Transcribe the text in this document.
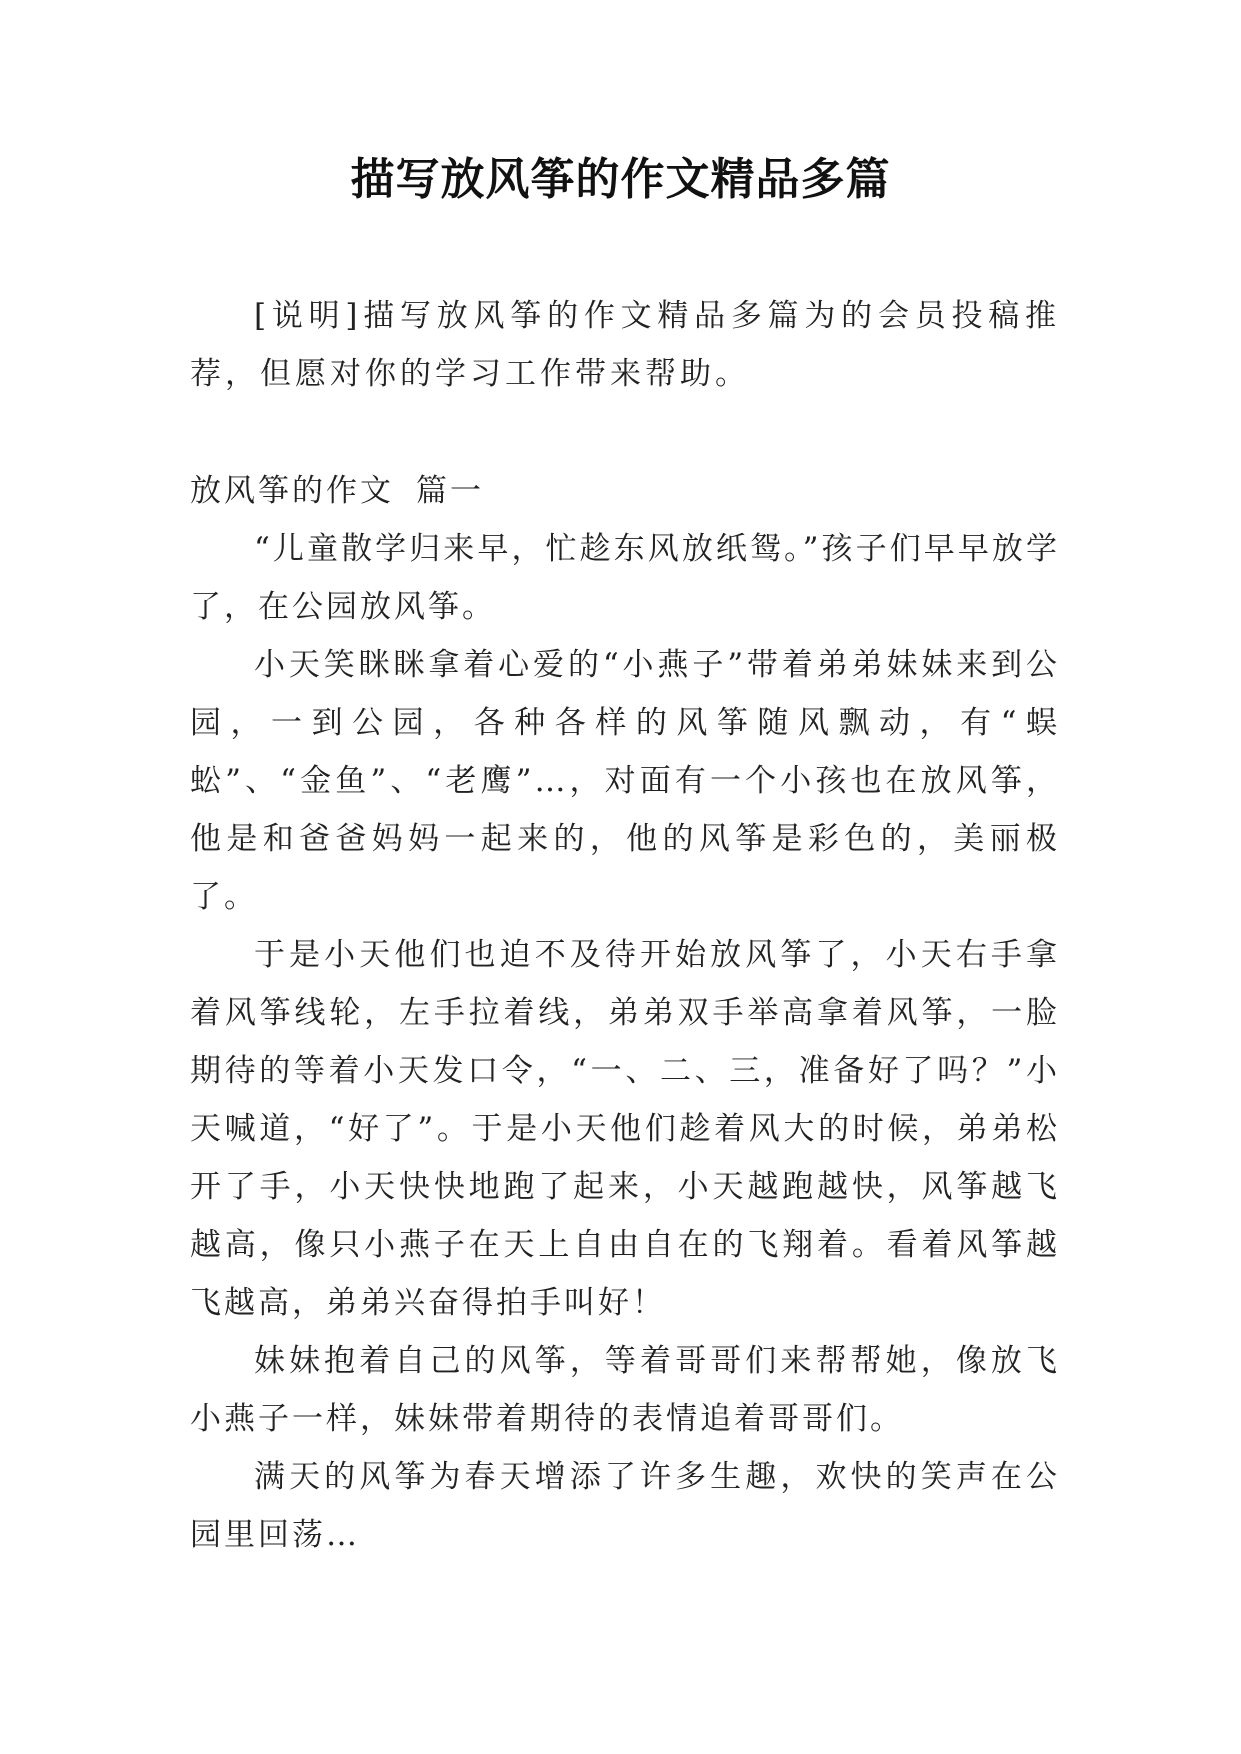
描写放风筝的作文精品多篇

[说明]描写放风筝的作文精品多篇为的会员投稿推荐，但愿对你的学习工作带来帮助。

放风筝的作文 篇一

“儿童散学归来早，忙趁东风放纸鸳。”孩子们早早放学了，在公园放风筝。

小天笑眯眯拿着心爱的“小燕子”带着弟弟妹妹来到公园，一到公园，各种各样的风筝随风飘动，有“蜈蚣”、“金鱼”、“老鹰”…，对面有一个小孩也在放风筝，他是和爸爸妈妈一起来的，他的风筝是彩色的，美丽极了。

于是小天他们也迫不及待开始放风筝了，小天右手拿着风筝线轮，左手拉着线，弟弟双手举高拿着风筝，一脸期待的等着小天发口令，“一、二、三，准备好了吗？”小天喊道，“好了”。于是小天他们趁着风大的时候，弟弟松开了手，小天快快地跑了起来，小天越跑越快，风筝越飞越高，像只小燕子在天上自由自在的飞翔着。看着风筝越飞越高，弟弟兴奋得拍手叫好！

妹妹抱着自己的风筝，等着哥哥们来帮帮她，像放飞小燕子一样，妹妹带着期待的表情追着哥哥们。

满天的风筝为春天增添了许多生趣，欢快的笑声在公园里回荡…
